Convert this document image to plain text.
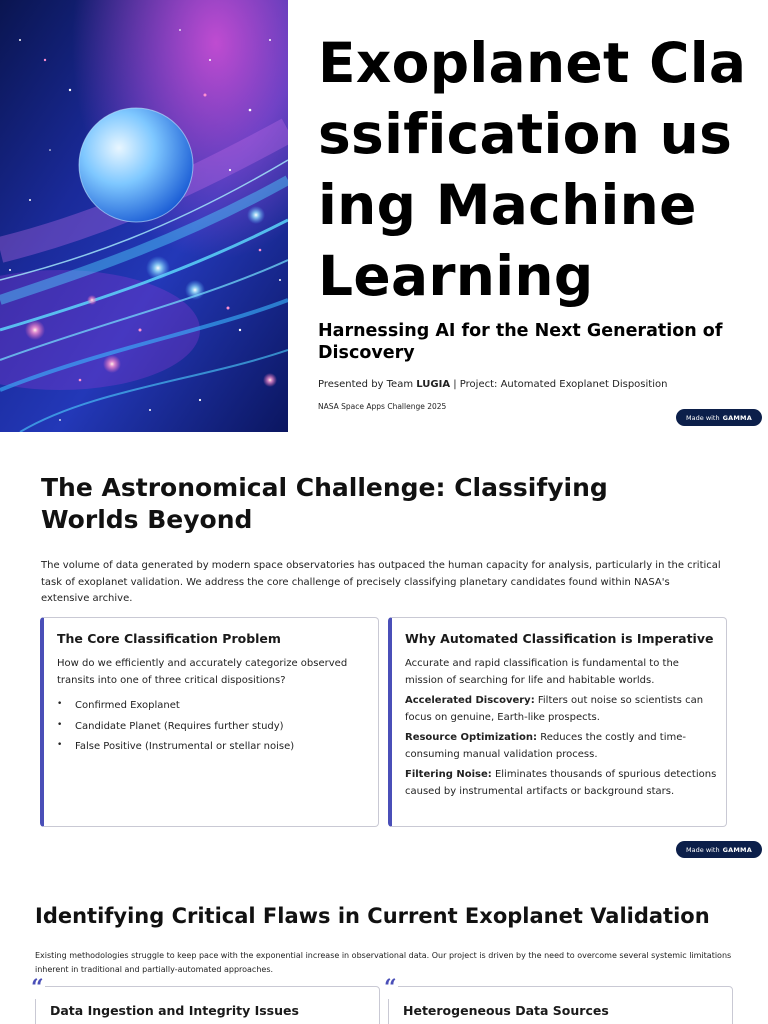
Exoplanet Classification using Machine Learning
Harnessing AI for the Next Generation of Discovery
Presented by Team LUGIA | Project: Automated Exoplanet Disposition
NASA Space Apps Challenge 2025
Made with GAMMA
The Astronomical Challenge: Classifying Worlds Beyond

The volume of data generated by modern space observatories has outpaced the human capacity for analysis, particularly in the critical task of exoplanet validation. We address the core challenge of precisely classifying planetary candidates found within NASA's extensive archive.

The Core Classification Problem

How do we efficiently and accurately categorize observed transits into one of three critical dispositions?

• Confirmed Exoplanet
• Candidate Planet (Requires further study)
• False Positive (Instrumental or stellar noise)
Why Automated Classification is Imperative

Accurate and rapid classification is fundamental to the mission of searching for life and habitable worlds.

Accelerated Discovery: Filters out noise so scientists can focus on genuine, Earth-like prospects.

Resource Optimization: Reduces the costly and time-consuming manual validation process.

Filtering Noise: Eliminates thousands of spurious detections caused by instrumental artifacts or background stars.

Made with GAMMA
Identifying Critical Flaws in Current Exoplanet Validation

Existing methodologies struggle to keep pace with the exponential increase in observational data. Our project is driven by the need to overcome several systemic limitations inherent in traditional and partially-automated approaches.

“
Data Ingestion and Integrity Issues
“
Heterogeneous Data Sources
